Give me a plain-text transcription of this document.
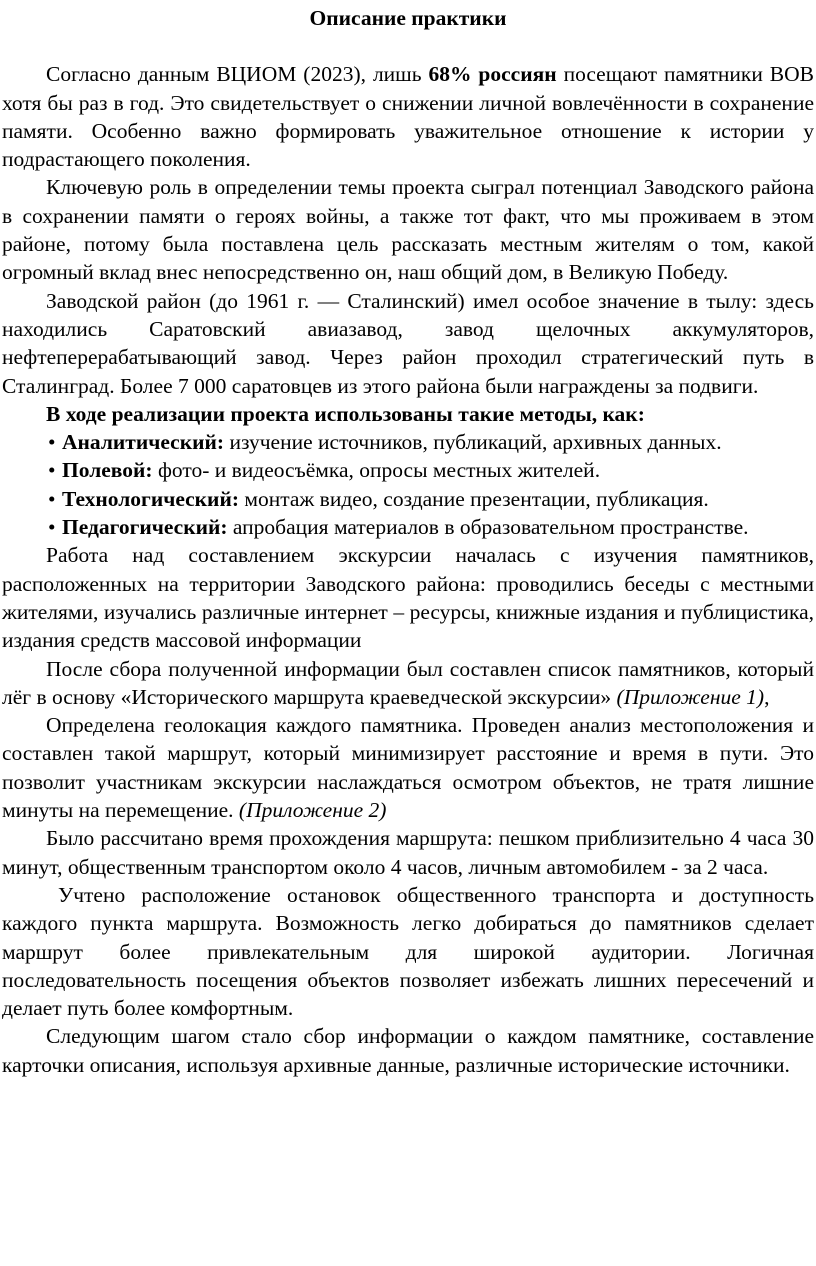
Описание практики

Согласно данным ВЦИОМ (2023), лишь 68% россиян посещают памятники ВОВ хотя бы раз в год. Это свидетельствует о снижении личной вовлечённости в сохранение памяти. Особенно важно формировать уважительное отношение к истории у подрастающего поколения.

Ключевую роль в определении темы проекта сыграл потенциал Заводского района в сохранении памяти о героях войны, а также тот факт, что мы проживаем в этом районе, потому была поставлена цель рассказать местным жителям о том, какой огромный вклад внес непосредственно он, наш общий дом, в Великую Победу.

Заводской район (до 1961 г. — Сталинский) имел особое значение в тылу: здесь находились Саратовский авиазавод, завод щелочных аккумуляторов, нефтеперерабатывающий завод. Через район проходил стратегический путь в Сталинград. Более 7 000 саратовцев из этого района были награждены за подвиги.

В ходе реализации проекта использованы такие методы, как:
• Аналитический: изучение источников, публикаций, архивных данных.
• Полевой: фото- и видеосъёмка, опросы местных жителей.
• Технологический: монтаж видео, создание презентации, публикация.
• Педагогический: апробация материалов в образовательном пространстве.

Работа над составлением экскурсии началась с изучения памятников, расположенных на территории Заводского района: проводились беседы с местными жителями, изучались различные интернет – ресурсы, книжные издания и публицистика, издания средств массовой информации

После сбора полученной информации был составлен список памятников, который лёг в основу «Исторического маршрута краеведческой экскурсии» (Приложение 1),

Определена геолокация каждого памятника. Проведен анализ местоположения и составлен такой маршрут, который минимизирует расстояние и время в пути. Это позволит участникам экскурсии наслаждаться осмотром объектов, не тратя лишние минуты на перемещение. (Приложение 2)

Было рассчитано время прохождения маршрута: пешком приблизительно 4 часа 30 минут, общественным транспортом около 4 часов, личным автомобилем - за 2 часа.

Учтено расположение остановок общественного транспорта и доступность каждого пункта маршрута. Возможность легко добираться до памятников сделает маршрут более привлекательным для широкой аудитории. Логичная последовательность посещения объектов позволяет избежать лишних пересечений и делает путь более комфортным.

Следующим шагом стало сбор информации о каждом памятнике, составление карточки описания, используя архивные данные, различные исторические источники.
